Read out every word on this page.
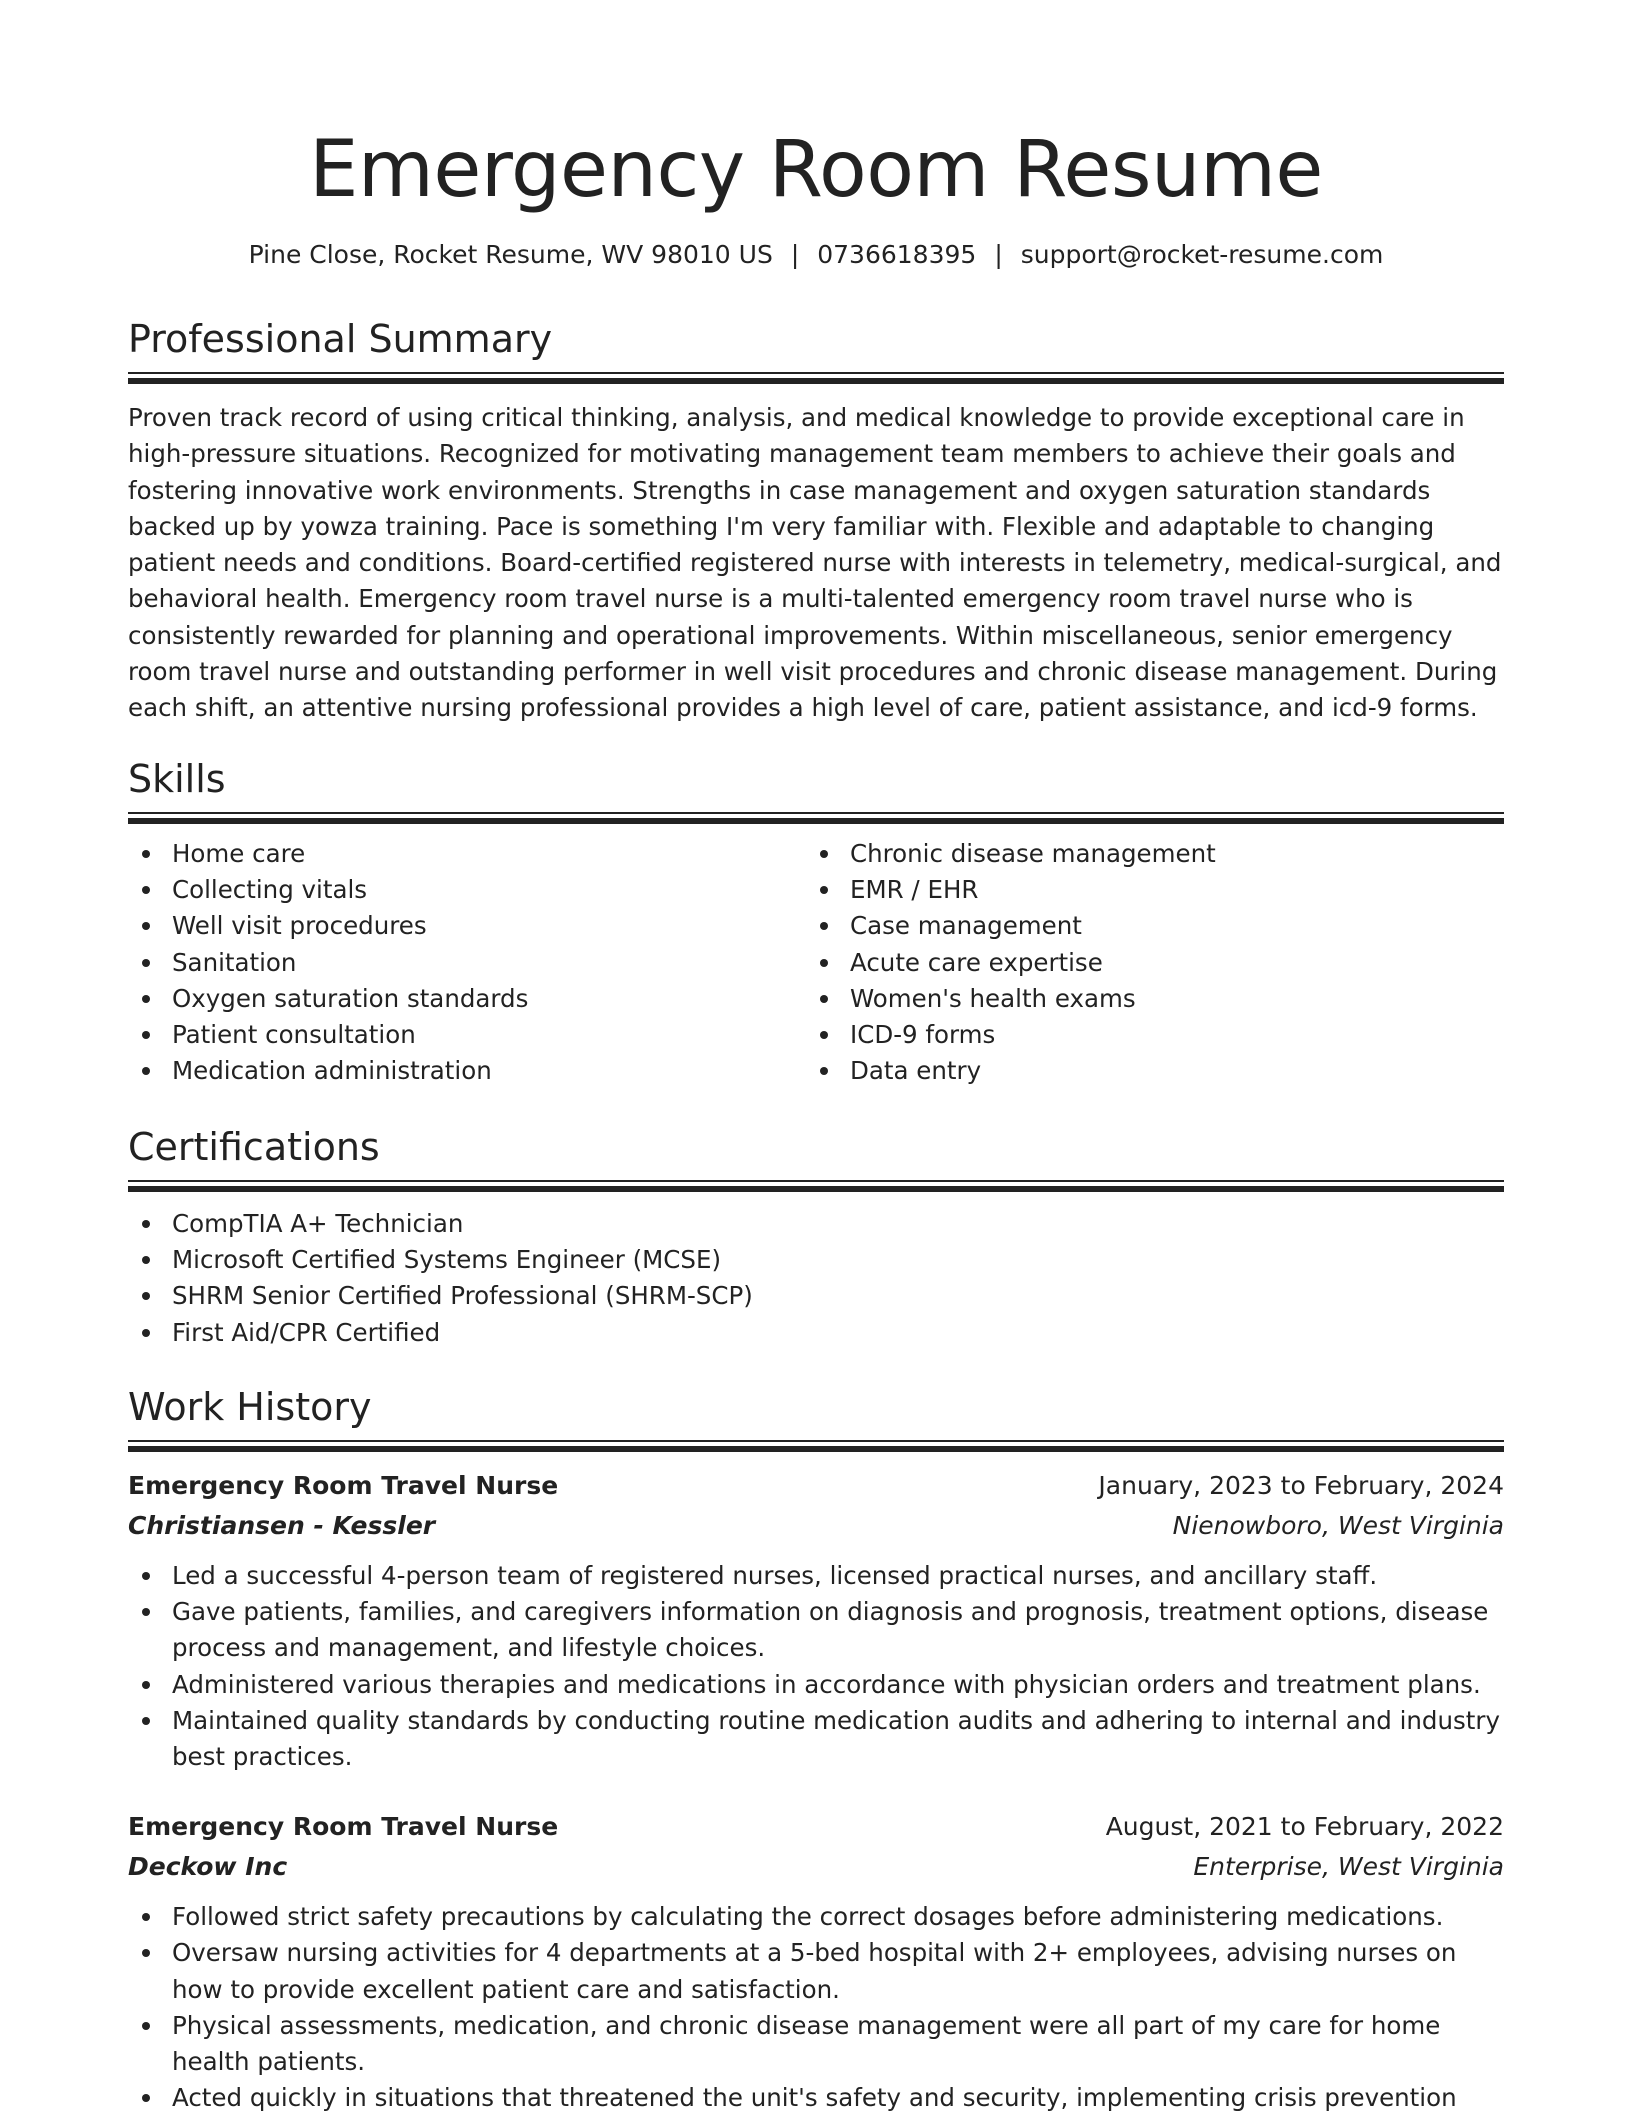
Emergency Room Resume
Pine Close, Rocket Resume, WV 98010 US | 0736618395 | support@rocket-resume.com
Professional Summary
Proven track record of using critical thinking, analysis, and medical knowledge to provide exceptional care in high-pressure situations. Recognized for motivating management team members to achieve their goals and fostering innovative work environments. Strengths in case management and oxygen saturation standards backed up by yowza training. Pace is something I'm very familiar with. Flexible and adaptable to changing patient needs and conditions. Board-certified registered nurse with interests in telemetry, medical-surgical, and behavioral health. Emergency room travel nurse is a multi-talented emergency room travel nurse who is consistently rewarded for planning and operational improvements. Within miscellaneous, senior emergency room travel nurse and outstanding performer in well visit procedures and chronic disease management. During each shift, an attentive nursing professional provides a high level of care, patient assistance, and icd-9 forms.
Skills
Home care
Collecting vitals
Well visit procedures
Sanitation
Oxygen saturation standards
Patient consultation
Medication administration
Chronic disease management
EMR / EHR
Case management
Acute care expertise
Women's health exams
ICD-9 forms
Data entry
Certifications
CompTIA A+ Technician
Microsoft Certified Systems Engineer (MCSE)
SHRM Senior Certified Professional (SHRM-SCP)
First Aid/CPR Certified
Work History
Emergency Room Travel Nurse	January, 2023 to February, 2024
Christiansen - Kessler	Nienowboro, West Virginia
Led a successful 4-person team of registered nurses, licensed practical nurses, and ancillary staff.
Gave patients, families, and caregivers information on diagnosis and prognosis, treatment options, disease process and management, and lifestyle choices.
Administered various therapies and medications in accordance with physician orders and treatment plans.
Maintained quality standards by conducting routine medication audits and adhering to internal and industry best practices.
Emergency Room Travel Nurse	August, 2021 to February, 2022
Deckow Inc	Enterprise, West Virginia
Followed strict safety precautions by calculating the correct dosages before administering medications.
Oversaw nursing activities for 4 departments at a 5-bed hospital with 2+ employees, advising nurses on how to provide excellent patient care and satisfaction.
Physical assessments, medication, and chronic disease management were all part of my care for home health patients.
Acted quickly in situations that threatened the unit's safety and security, implementing crisis prevention
